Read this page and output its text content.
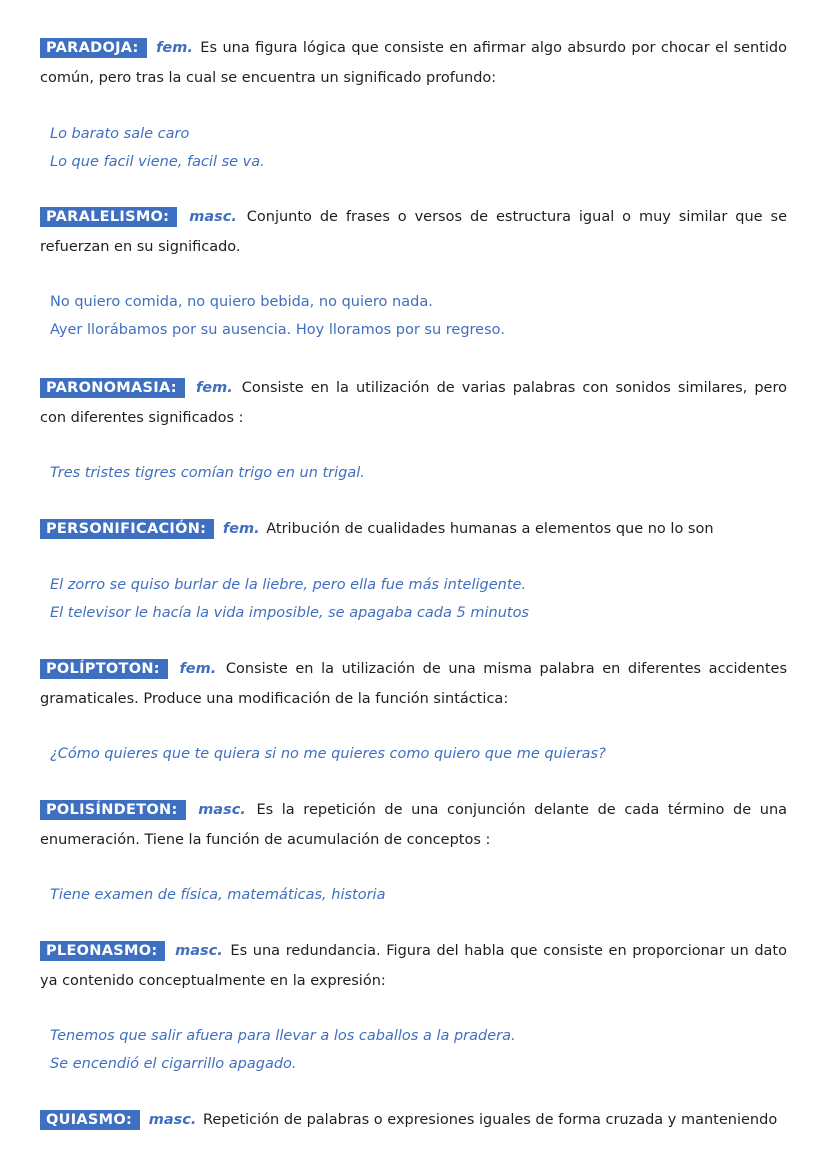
PARADOJA: fem. Es una figura lógica que consiste en afirmar algo absurdo por chocar el sentido común, pero tras la cual se encuentra un significado profundo:

Lo barato sale caro
Lo que facil viene, facil se va.

PARALELISMO: masc. Conjunto de frases o versos de estructura igual o muy similar que se refuerzan en su significado.

No quiero comida, no quiero bebida, no quiero nada.
Ayer llorábamos por su ausencia. Hoy lloramos por su regreso.

PARONOMASIA: fem. Consiste en la utilización de varias palabras con sonidos similares, pero con diferentes significados :

Tres tristes tigres comían trigo en un trigal.

PERSONIFICACIÓN: fem. Atribución de cualidades humanas a elementos que no lo son

El zorro se quiso burlar de la liebre, pero ella fue más inteligente.
El televisor le hacía la vida imposible, se apagaba cada 5 minutos

POLÍPTOTON: fem. Consiste en la utilización de una misma palabra en diferentes accidentes gramaticales. Produce una modificación de la función sintáctica:

¿Cómo quieres que te quiera si no me quieres como quiero que me quieras?

POLISÍNDETON: masc. Es la repetición de una conjunción delante de cada término de una enumeración. Tiene la función de acumulación de conceptos :

Tiene examen de física, matemáticas, historia

PLEONASMO: masc. Es una redundancia. Figura del habla que consiste en proporcionar un dato ya contenido conceptualmente en la expresión:

Tenemos que salir afuera para llevar a los caballos a la pradera.
Se encendió el cigarrillo apagado.

QUIASMO: masc. Repetición de palabras o expresiones iguales de forma cruzada y manteniendo
